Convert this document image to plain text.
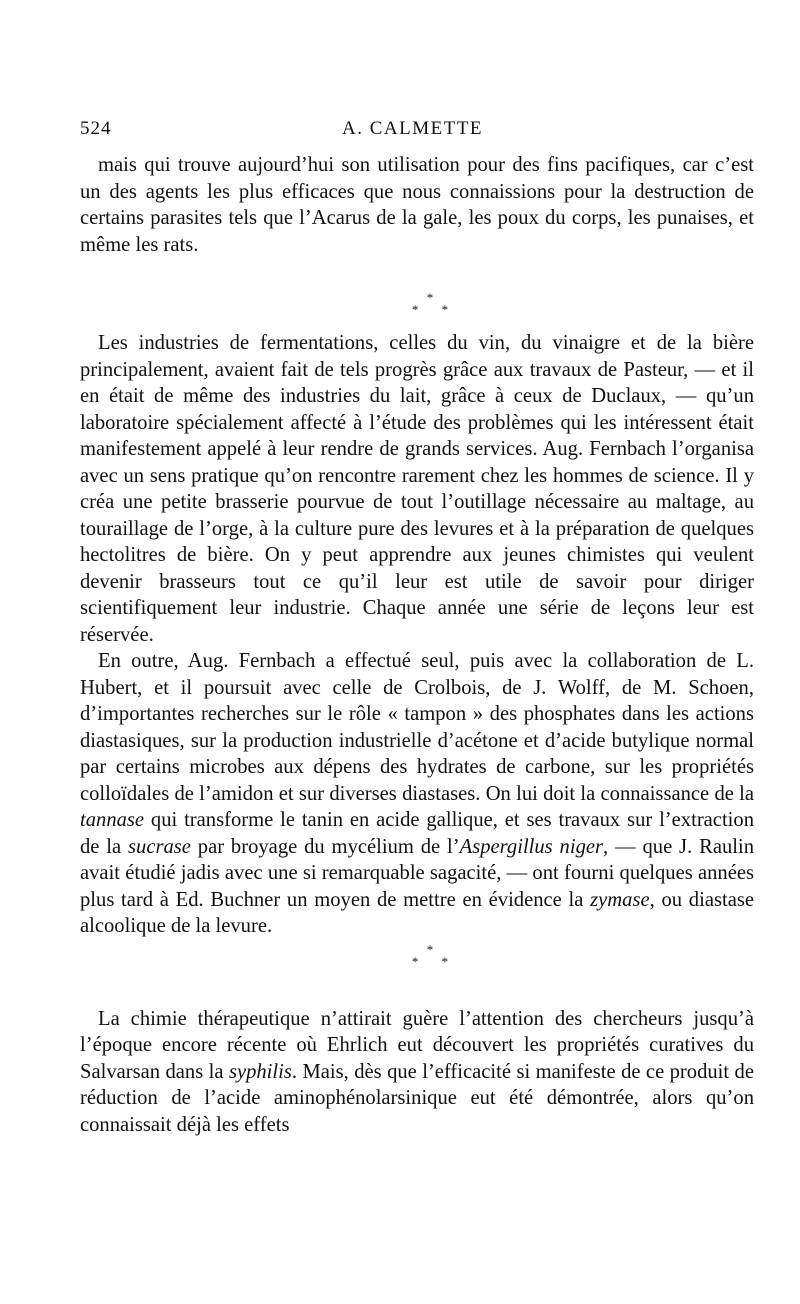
524	A. CALMETTE

mais qui trouve aujourd’hui son utilisation pour des fins pacifiques, car c’est un des agents les plus efficaces que nous connaissions pour la destruction de certains parasites tels que l’Acarus de la gale, les poux du corps, les punaises, et même les rats.

*
* *

Les industries de fermentations, celles du vin, du vinaigre et de la bière principalement, avaient fait de tels progrès grâce aux travaux de Pasteur, — et il en était de même des industries du lait, grâce à ceux de Duclaux, — qu’un laboratoire spécialement affecté à l’étude des problèmes qui les intéressent était manifestement appelé à leur rendre de grands services. Aug. Fernbach l’organisa avec un sens pratique qu’on rencontre rarement chez les hommes de science. Il y créa une petite brasserie pourvue de tout l’outillage nécessaire au maltage, au touraillage de l’orge, à la culture pure des levures et à la préparation de quelques hectolitres de bière. On y peut apprendre aux jeunes chimistes qui veulent devenir brasseurs tout ce qu’il leur est utile de savoir pour diriger scientifiquement leur industrie. Chaque année une série de leçons leur est réservée.

En outre, Aug. Fernbach a effectué seul, puis avec la collaboration de L. Hubert, et il poursuit avec celle de Crolbois, de J. Wolff, de M. Schoen, d’importantes recherches sur le rôle « tampon » des phosphates dans les actions diastasiques, sur la production industrielle d’acétone et d’acide butylique normal par certains microbes aux dépens des hydrates de carbone, sur les propriétés colloïdales de l’amidon et sur diverses diastases. On lui doit la connaissance de la tannase qui transforme le tanin en acide gallique, et ses travaux sur l’extraction de la sucrase par broyage du mycélium de l’Aspergillus niger, — que J. Raulin avait étudié jadis avec une si remarquable sagacité, — ont fourni quelques années plus tard à Ed. Buchner un moyen de mettre en évidence la zymase, ou diastase alcoolique de la levure.

*
* *

La chimie thérapeutique n’attirait guère l’attention des chercheurs jusqu’à l’époque encore récente où Ehrlich eut découvert les propriétés curatives du Salvarsan dans la syphilis. Mais, dès que l’efficacité si manifeste de ce produit de réduction de l’acide aminophénolarsinique eut été démontrée, alors qu’on connaissait déjà les effets
